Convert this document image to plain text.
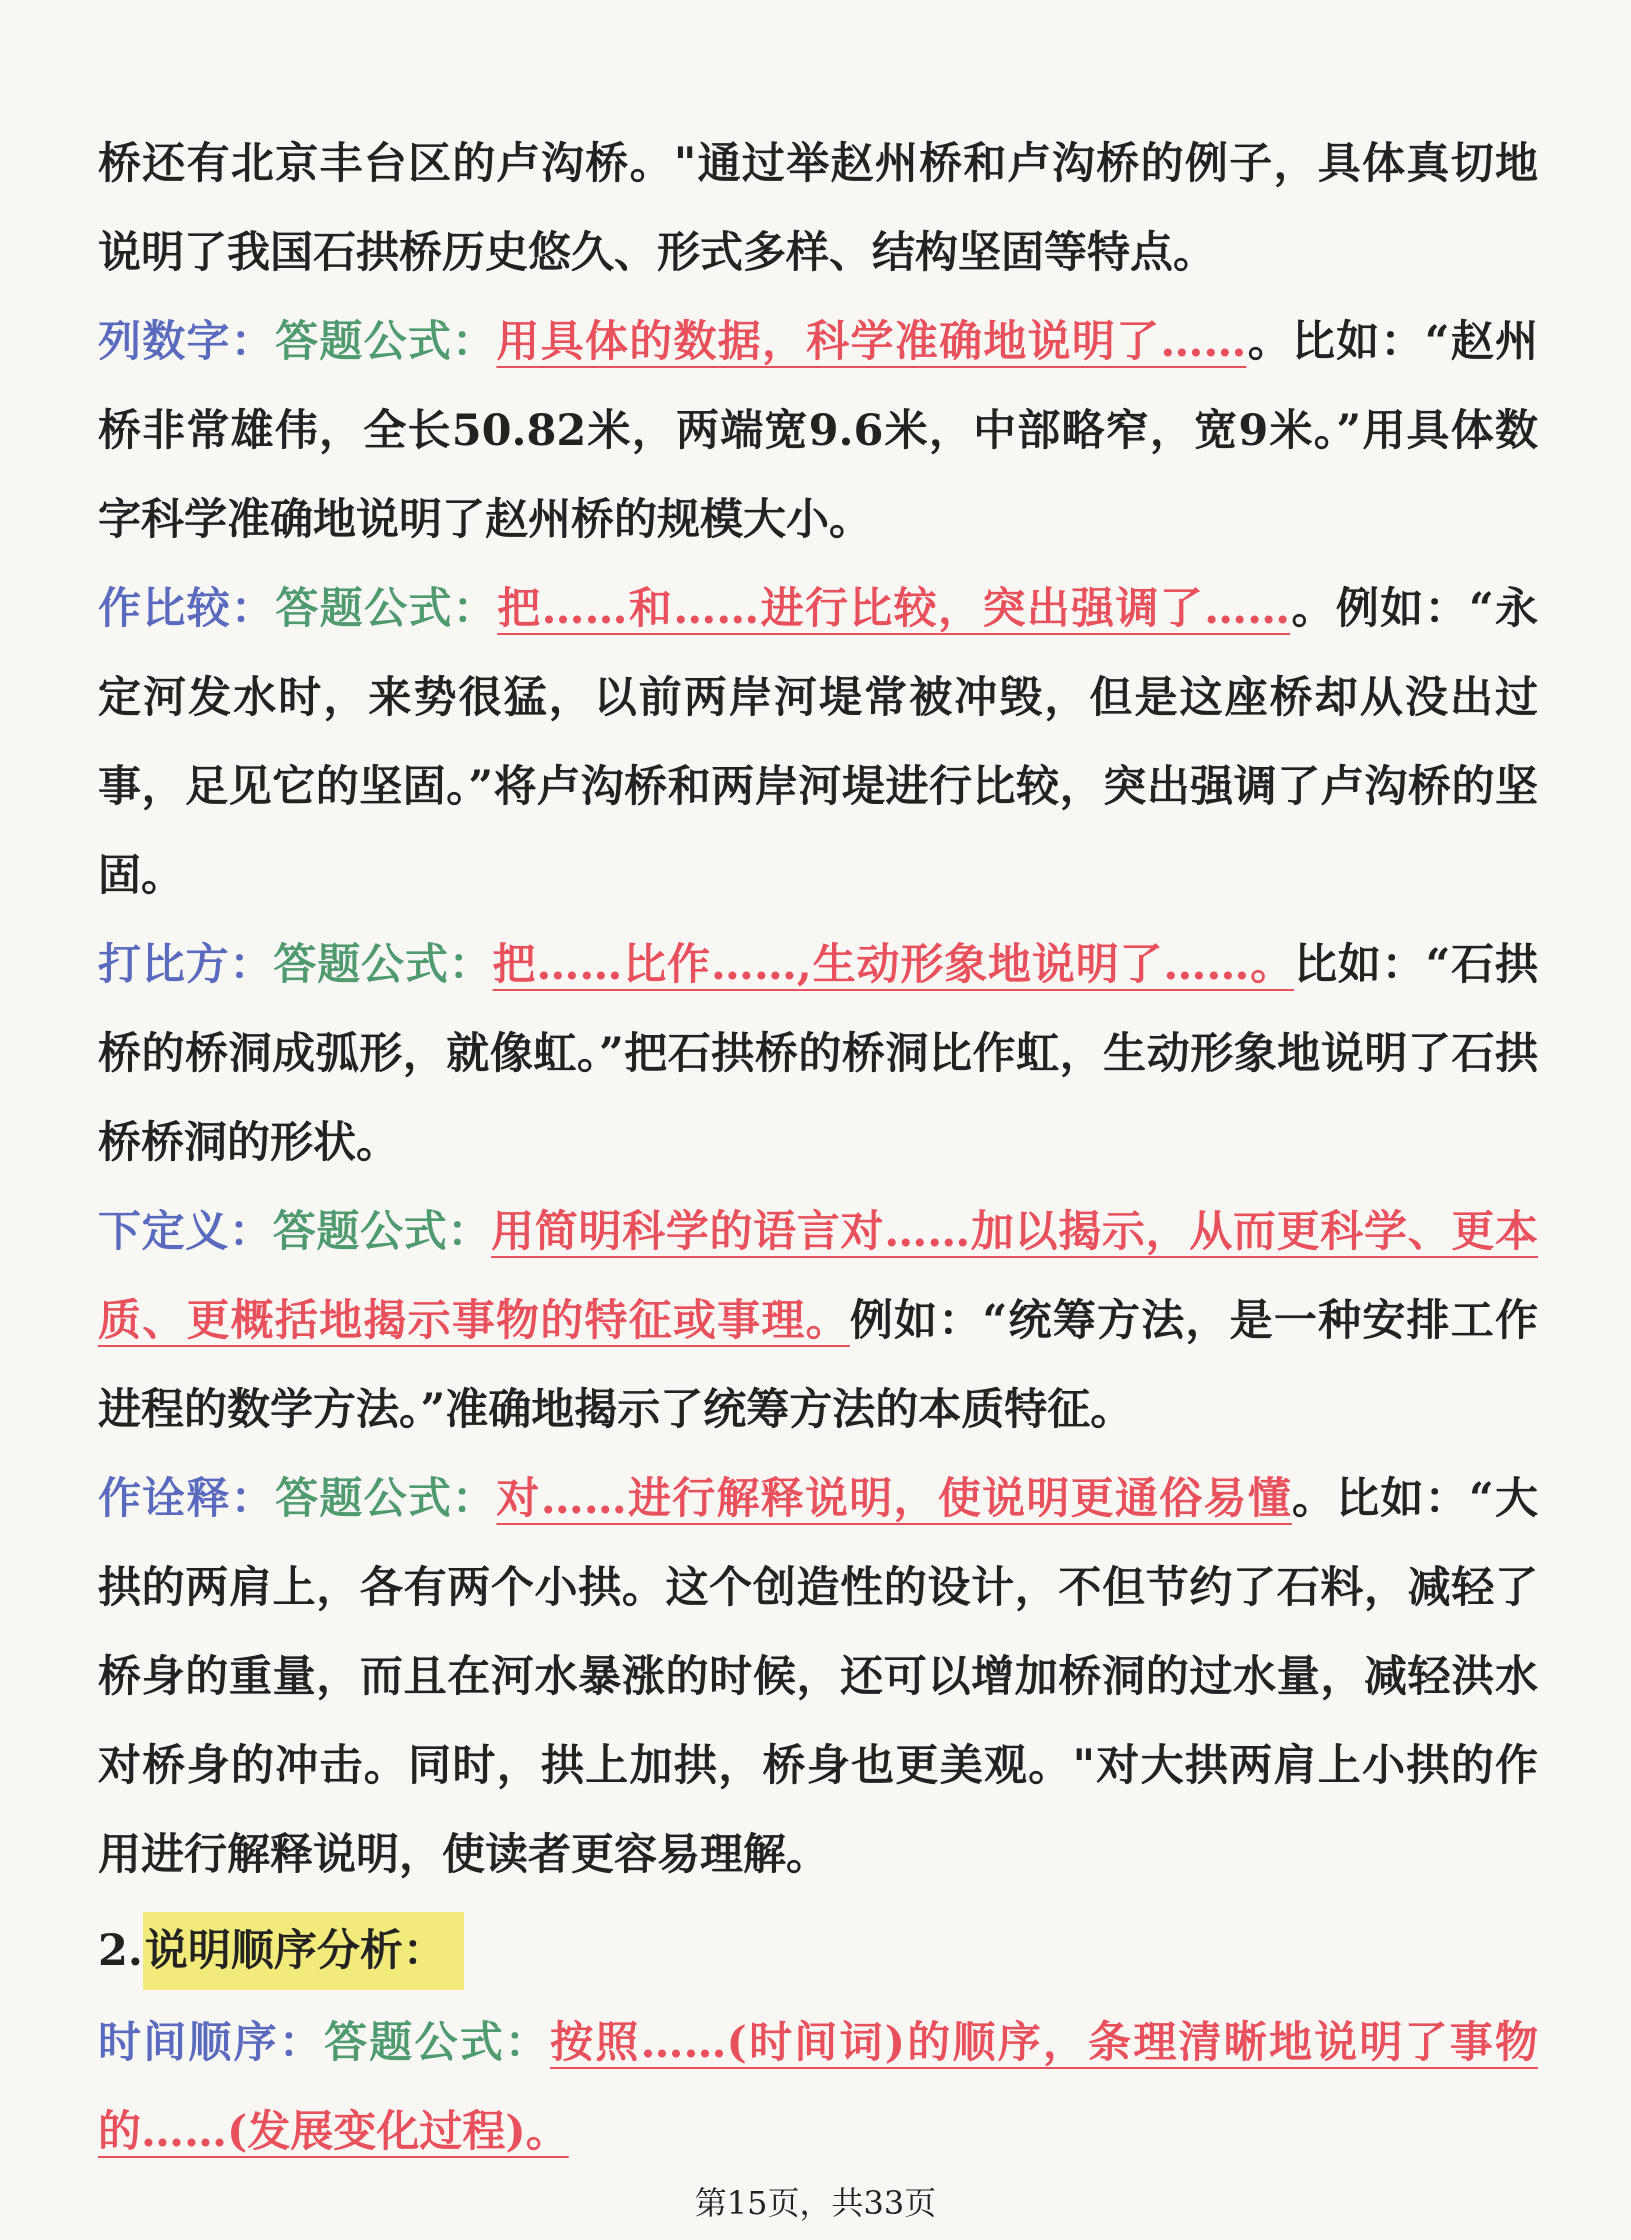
桥还有北京丰台区的卢沟桥。"通过举赵州桥和卢沟桥的例子，具体真切地说明了我国石拱桥历史悠久、形式多样、结构坚固等特点。

列数字：答题公式：用具体的数据，科学准确地说明了……。比如：“赵州桥非常雄伟，全长50.82米，两端宽9.6米，中部略窄，宽9米。”用具体数字科学准确地说明了赵州桥的规模大小。

作比较：答题公式：把……和……进行比较，突出强调了……。例如：“永定河发水时，来势很猛，以前两岸河堤常被冲毁，但是这座桥却从没出过事，足见它的坚固。”将卢沟桥和两岸河堤进行比较，突出强调了卢沟桥的坚固。

打比方：答题公式：把……比作……,生动形象地说明了……。比如：“石拱桥的桥洞成弧形，就像虹。”把石拱桥的桥洞比作虹，生动形象地说明了石拱桥桥洞的形状。

下定义：答题公式：用简明科学的语言对……加以揭示，从而更科学、更本质、更概括地揭示事物的特征或事理。例如：“统筹方法，是一种安排工作进程的数学方法。”准确地揭示了统筹方法的本质特征。

作诠释：答题公式：对……进行解释说明，使说明更通俗易懂。比如：“大拱的两肩上，各有两个小拱。这个创造性的设计，不但节约了石料，减轻了桥身的重量，而且在河水暴涨的时候，还可以增加桥洞的过水量，减轻洪水对桥身的冲击。同时，拱上加拱，桥身也更美观。"对大拱两肩上小拱的作用进行解释说明，使读者更容易理解。

2.说明顺序分析：

时间顺序：答题公式：按照……(时间词)的顺序，条理清晰地说明了事物的……(发展变化过程)。

第15页，共33页
